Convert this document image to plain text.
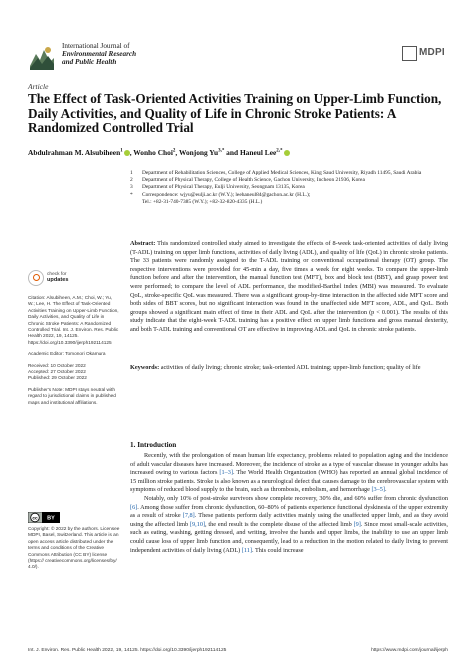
International Journal of
Environmental Research
and Public Health
MDPI
Article
The Effect of Task-Oriented Activities Training on Upper-Limb Function, Daily Activities, and Quality of Life in Chronic Stroke Patients: A Randomized Controlled Trial
Abdulrahman M. Alsubiheen$^1$ , Wonho Choi$^2$, Wonjong $Yu^{3,*}$ and Haneul Lee$^{2,*}$
1	Department of Rehabilitation Sciences, College of Applied Medical Sciences, King Saud University, Riyadh 11495, Saudi Arabia
2	Department of Physical Therapy, College of Health Science, Gachon University, Incheon 21936, Korea
3	Department of Physical Therapy, Eulji University, Seongnam 13135, Korea
*	Correspondence: wjyu@eulji.ac.kr (W.Y.); leehaneul84@gachon.ac.kr (H.L.);
Tel.: +82-31-740-7385 (W.Y.); +82-32-820-4335 (H.L.)
Abstract: This randomized controlled study aimed to investigate the effects of 8-week task-oriented activities of daily living (T-ADL) training on upper limb functions, activities of daily living (ADL), and quality of life (QoL) in chronic stroke patients. The 33 patients were randomly assigned to the T-ADL training or conventional occupational therapy (OT) group. The respective interventions were provided for 45-min a day, five times a week for eight weeks. To compare the upper-limb function before and after the intervention, the manual function test (MFT), box and block test (BBT), and grasp power test were performed; to compare the level of ADL performance, the modified-Barthel index (MBI) was measured. To evaluate QoL, stroke-specific QoL was measured. There was a significant group-by-time interaction in the affected side MFT score and both sides of BBT scores, but no significant interaction was found in the unaffected side MFT score, ADL, and QoL. Both groups showed a significant main effect of time in their ADL and QoL after the intervention (p < 0.001). The results of this study indicate that the eight-week T-ADL training has a positive effect on upper limb functions and gross manual dexterity, and both T-ADL training and conventional OT are effective in improving ADL and QoL in chronic stroke patients.
Keywords: activities of daily living; chronic stroke; task-oriented ADL training; upper-limb function; quality of life
1. Introduction
Recently, with the prolongation of mean human life expectancy, problems related to population aging and the incidence of adult vascular diseases have increased. Moreover, the incidence of stroke as a type of vascular disease in younger adults has increased owing to various factors [1–3]. The World Health Organization (WHO) has reported an annual global incidence of 15 million stroke patients. Stroke is also known as a neurological defect that causes damage to the cerebrovascular system with symptoms of reduced blood supply to the brain, such as thrombosis, embolism, and hemorrhage [3–5].
Notably, only 10% of post-stroke survivors show complete recovery, 30% die, and 60% suffer from chronic dysfunction [6]. Among those suffer from chronic dysfunction, 60–80% of patients experience functional dyskinesia of the upper extremity as a result of stroke [7,8]. These patients perform daily activities mainly using the unaffected upper limb, and as they avoid using the affected limb [9,10], the end result is the complete disuse of the affected limb [9]. Since most small-scale activities, such as eating, washing, getting dressed, and writing, involve the hands and upper limbs, the inability to use an upper limb could cause loss of upper limb function and, consequently, lead to a reduction in the motion related to daily living to prevent independent activities of daily living (ADL) [11]. This could increase
check for
updates
Citation: Alsubiheen, A.M.; Choi, W.; Yu, W.; Lee, H. The Effect of Task-Oriented Activities Training on Upper-Limb Function, Daily Activities, and Quality of Life in Chronic Stroke Patients: A Randomized Controlled Trial. Int. J. Environ. Res. Public Health 2022, 19, 14125. https://doi.org/10.3390/ijerph192114125
Academic Editor: Tomonori Okamura
Received: 10 October 2022
Accepted: 27 October 2022
Published: 29 October 2022
Publisher's Note: MDPI stays neutral with regard to jurisdictional claims in published maps and institutional affiliations.
cc BY
Copyright: © 2022 by the authors. Licensee MDPI, Basel, Switzerland. This article is an open access article distributed under the terms and conditions of the Creative Commons Attribution (CC BY) license (https:// creativecommons.org/licenses/by/ 4.0/).
Int. J. Environ. Res. Public Health 2022, 19, 14125. https://doi.org/10.3390/ijerph192114125	https://www.mdpi.com/journal/ijerph
